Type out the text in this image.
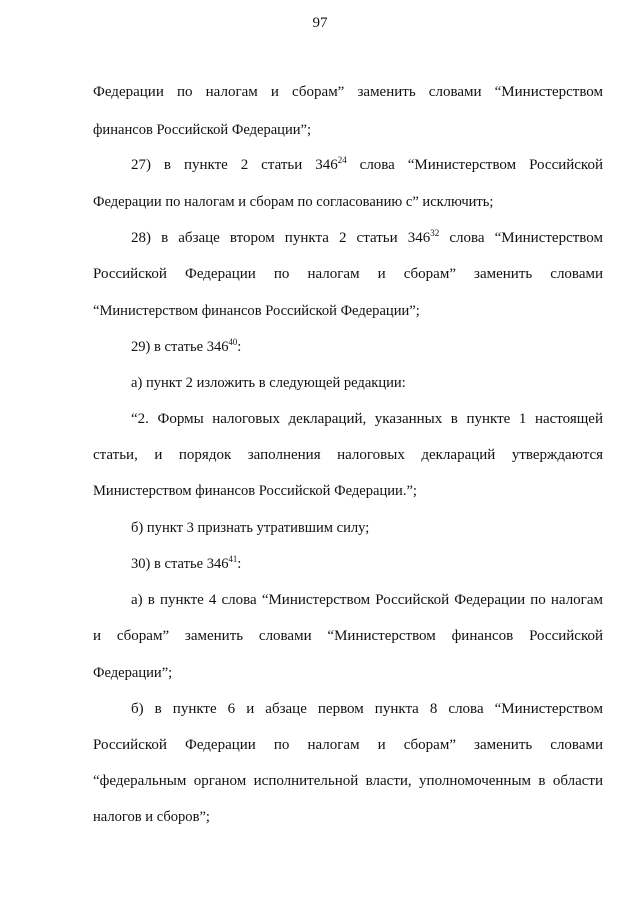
97

Федерации по налогам и сборам” заменить словами “Министерством

финансов Российской Федерации”;

27) в пункте 2 статьи $346^{24}$ слова “Министерством Российской

Федерации по налогам и сборам по согласованию с” исключить;

28) в абзаце втором пункта 2 статьи $346^{32}$ слова “Министерством

Российской Федерации по налогам и сборам” заменить словами

“Министерством финансов Российской Федерации”;

29) в статье $346^{40}$:

а) пункт 2 изложить в следующей редакции:

“2. Формы налоговых деклараций, указанных в пункте 1 настоящей

статьи, и порядок заполнения налоговых деклараций утверждаются

Министерством финансов Российской Федерации.”;

б) пункт 3 признать утратившим силу;

30) в статье $346^{41}$:

а) в пункте 4 слова “Министерством Российской Федерации по налогам

и сборам” заменить словами “Министерством финансов Российской

Федерации”;

б) в пункте 6 и абзаце первом пункта 8 слова “Министерством

Российской Федерации по налогам и сборам” заменить словами

“федеральным органом исполнительной власти, уполномоченным в области

налогов и сборов”;
